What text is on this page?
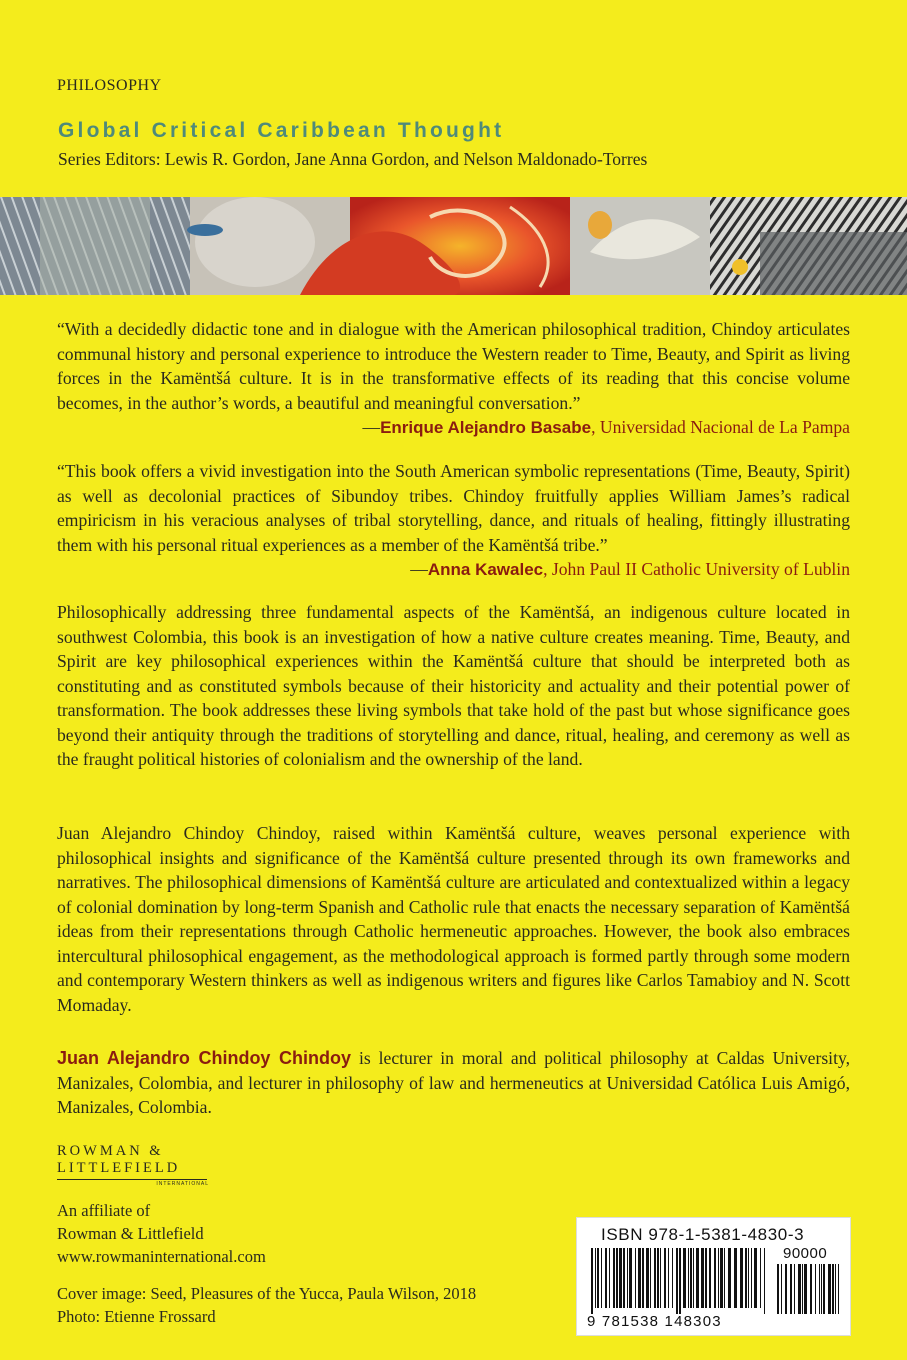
PHILOSOPHY
Global Critical Caribbean Thought
Series Editors: Lewis R. Gordon, Jane Anna Gordon, and Nelson Maldonado-Torres

“With a decidedly didactic tone and in dialogue with the American philosophical tradition, Chindoy articulates communal history and personal experience to introduce the Western reader to Time, Beauty, and Spirit as living forces in the Kamëntšá culture. It is in the transformative effects of its reading that this concise volume becomes, in the author’s words, a beautiful and meaningful conversation.”

—Enrique Alejandro Basabe, Universidad Nacional de La Pampa

“This book offers a vivid investigation into the South American symbolic representations (Time, Beauty, Spirit) as well as decolonial practices of Sibundoy tribes. Chindoy fruitfully applies William James’s radical empiricism in his veracious analyses of tribal storytelling, dance, and rituals of healing, fittingly illustrating them with his personal ritual experiences as a member of the Kamëntšá tribe.”

—Anna Kawalec, John Paul II Catholic University of Lublin

Philosophically addressing three fundamental aspects of the Kamëntšá, an indigenous culture located in southwest Colombia, this book is an investigation of how a native culture creates meaning. Time, Beauty, and Spirit are key philosophical experiences within the Kamëntšá culture that should be interpreted both as constituting and as constituted symbols because of their historicity and actuality and their potential power of transformation. The book addresses these living symbols that take hold of the past but whose significance goes beyond their antiquity through the traditions of storytelling and dance, ritual, healing, and ceremony as well as the fraught political histories of colonialism and the ownership of the land.
Juan Alejandro Chindoy Chindoy, raised within Kamëntšá culture, weaves personal experience with philosophical insights and significance of the Kamëntšá culture presented through its own frameworks and narratives. The philosophical dimensions of Kamëntšá culture are articulated and contextualized within a legacy of colonial domination by long-term Spanish and Catholic rule that enacts the necessary separation of Kamëntšá ideas from their representations through Catholic hermeneutic approaches. However, the book also embraces intercultural philosophical engagement, as the methodological approach is formed partly through some modern and contemporary Western thinkers as well as indigenous writers and figures like Carlos Tamabioy and N. Scott Momaday.
Juan Alejandro Chindoy Chindoy is lecturer in moral and political philosophy at Caldas University, Manizales, Colombia, and lecturer in philosophy of law and hermeneutics at Universidad Católica Luis Amigó, Manizales, Colombia.
ROWMAN &
LITTLEFIELD
INTERNATIONAL
An affiliate of
Rowman & Littlefield
www.rowmaninternational.com
Cover image: Seed, Pleasures of the Yucca, Paula Wilson, 2018
Photo: Etienne Frossard
ISBN 978-1-5381-4830-3
90000
9 781538 148303
